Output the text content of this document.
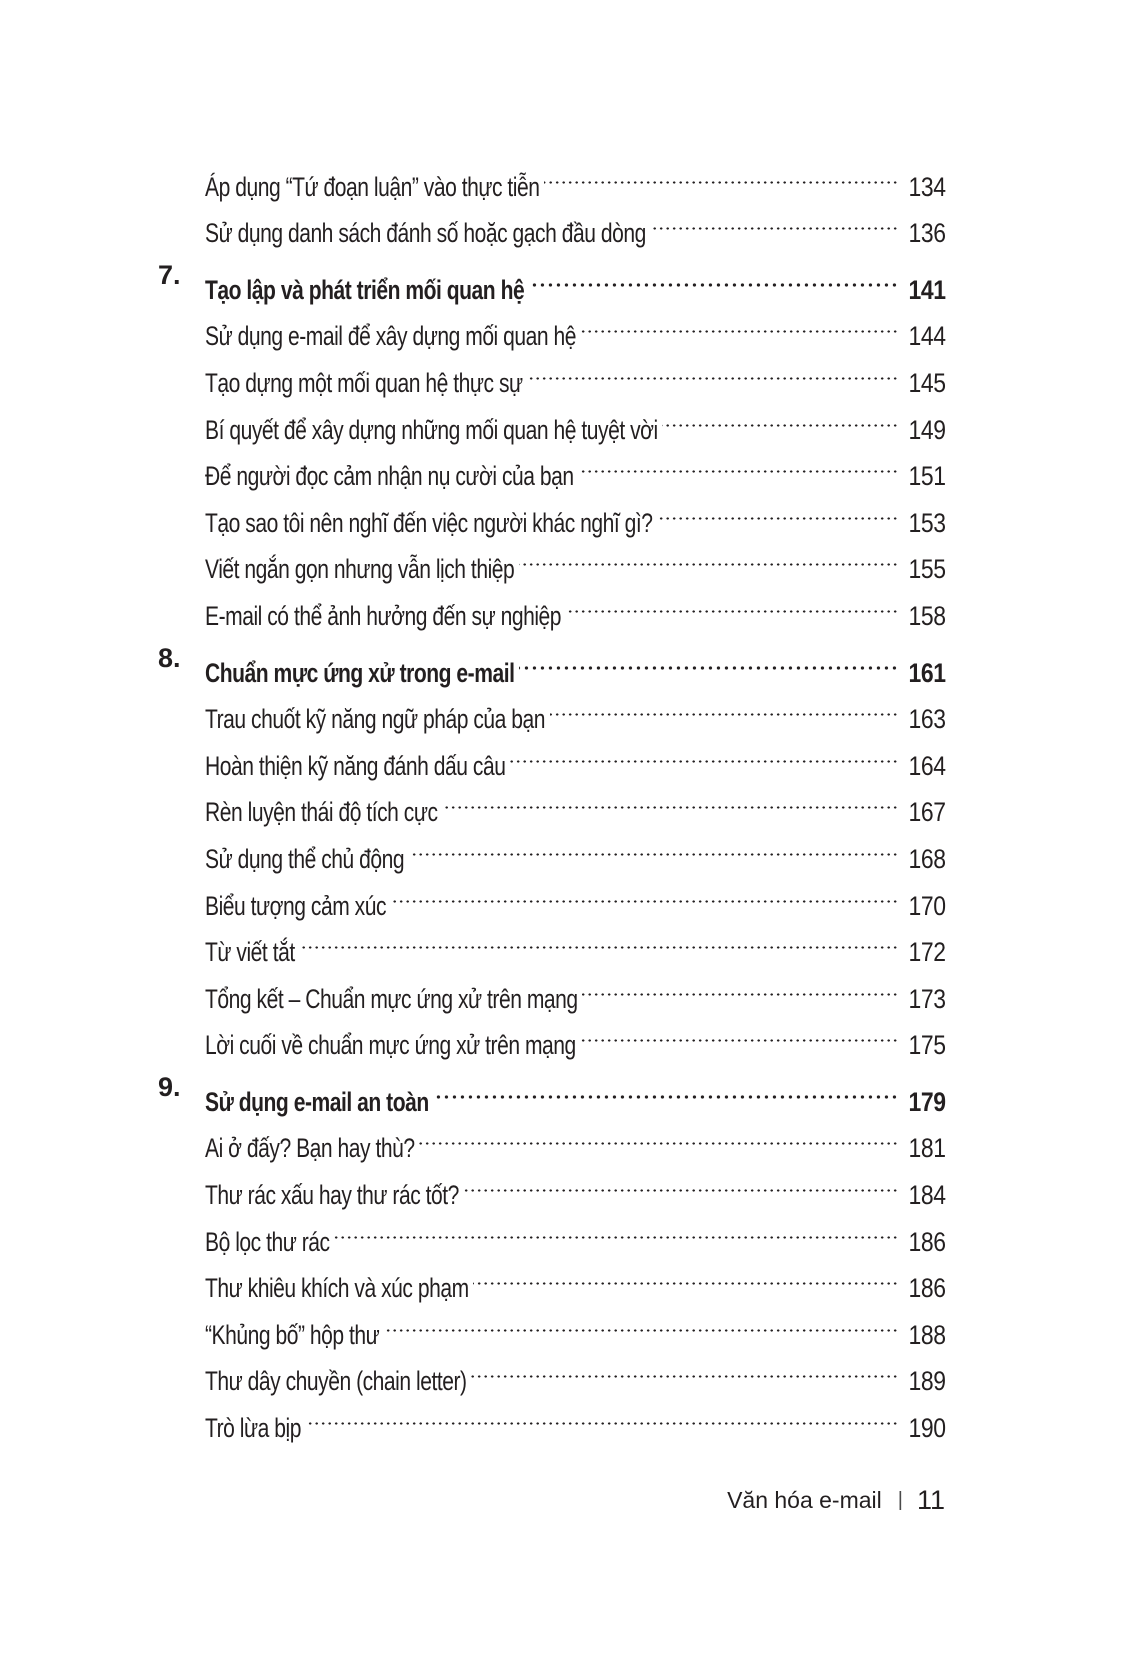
Áp dụng “Tứ đoạn luận” vào thực tiễn	134
Sử dụng danh sách đánh số hoặc gạch đầu dòng	136
7. Tạo lập và phát triển mối quan hệ	141
Sử dụng e-mail để xây dựng mối quan hệ	144
Tạo dựng một mối quan hệ thực sự	145
Bí quyết để xây dựng những mối quan hệ tuyệt vời	149
Để người đọc cảm nhận nụ cười của bạn	151
Tạo sao tôi nên nghĩ đến việc người khác nghĩ gì?	153
Viết ngắn gọn nhưng vẫn lịch thiệp	155
E-mail có thể ảnh hưởng đến sự nghiệp	158
8. Chuẩn mực ứng xử trong e-mail	161
Trau chuốt kỹ năng ngữ pháp của bạn	163
Hoàn thiện kỹ năng đánh dấu câu	164
Rèn luyện thái độ tích cực	167
Sử dụng thể chủ động	168
Biểu tượng cảm xúc	170
Từ viết tắt	172
Tổng kết – Chuẩn mực ứng xử trên mạng	173
Lời cuối về chuẩn mực ứng xử trên mạng	175
9. Sử dụng e-mail an toàn	179
Ai ở đấy? Bạn hay thù?	181
Thư rác xấu hay thư rác tốt?	184
Bộ lọc thư rác	186
Thư khiêu khích và xúc phạm	186
“Khủng bố” hộp thư	188
Thư dây chuyền (chain letter)	189
Trò lừa bịp	190
Văn hóa e-mail | 11
